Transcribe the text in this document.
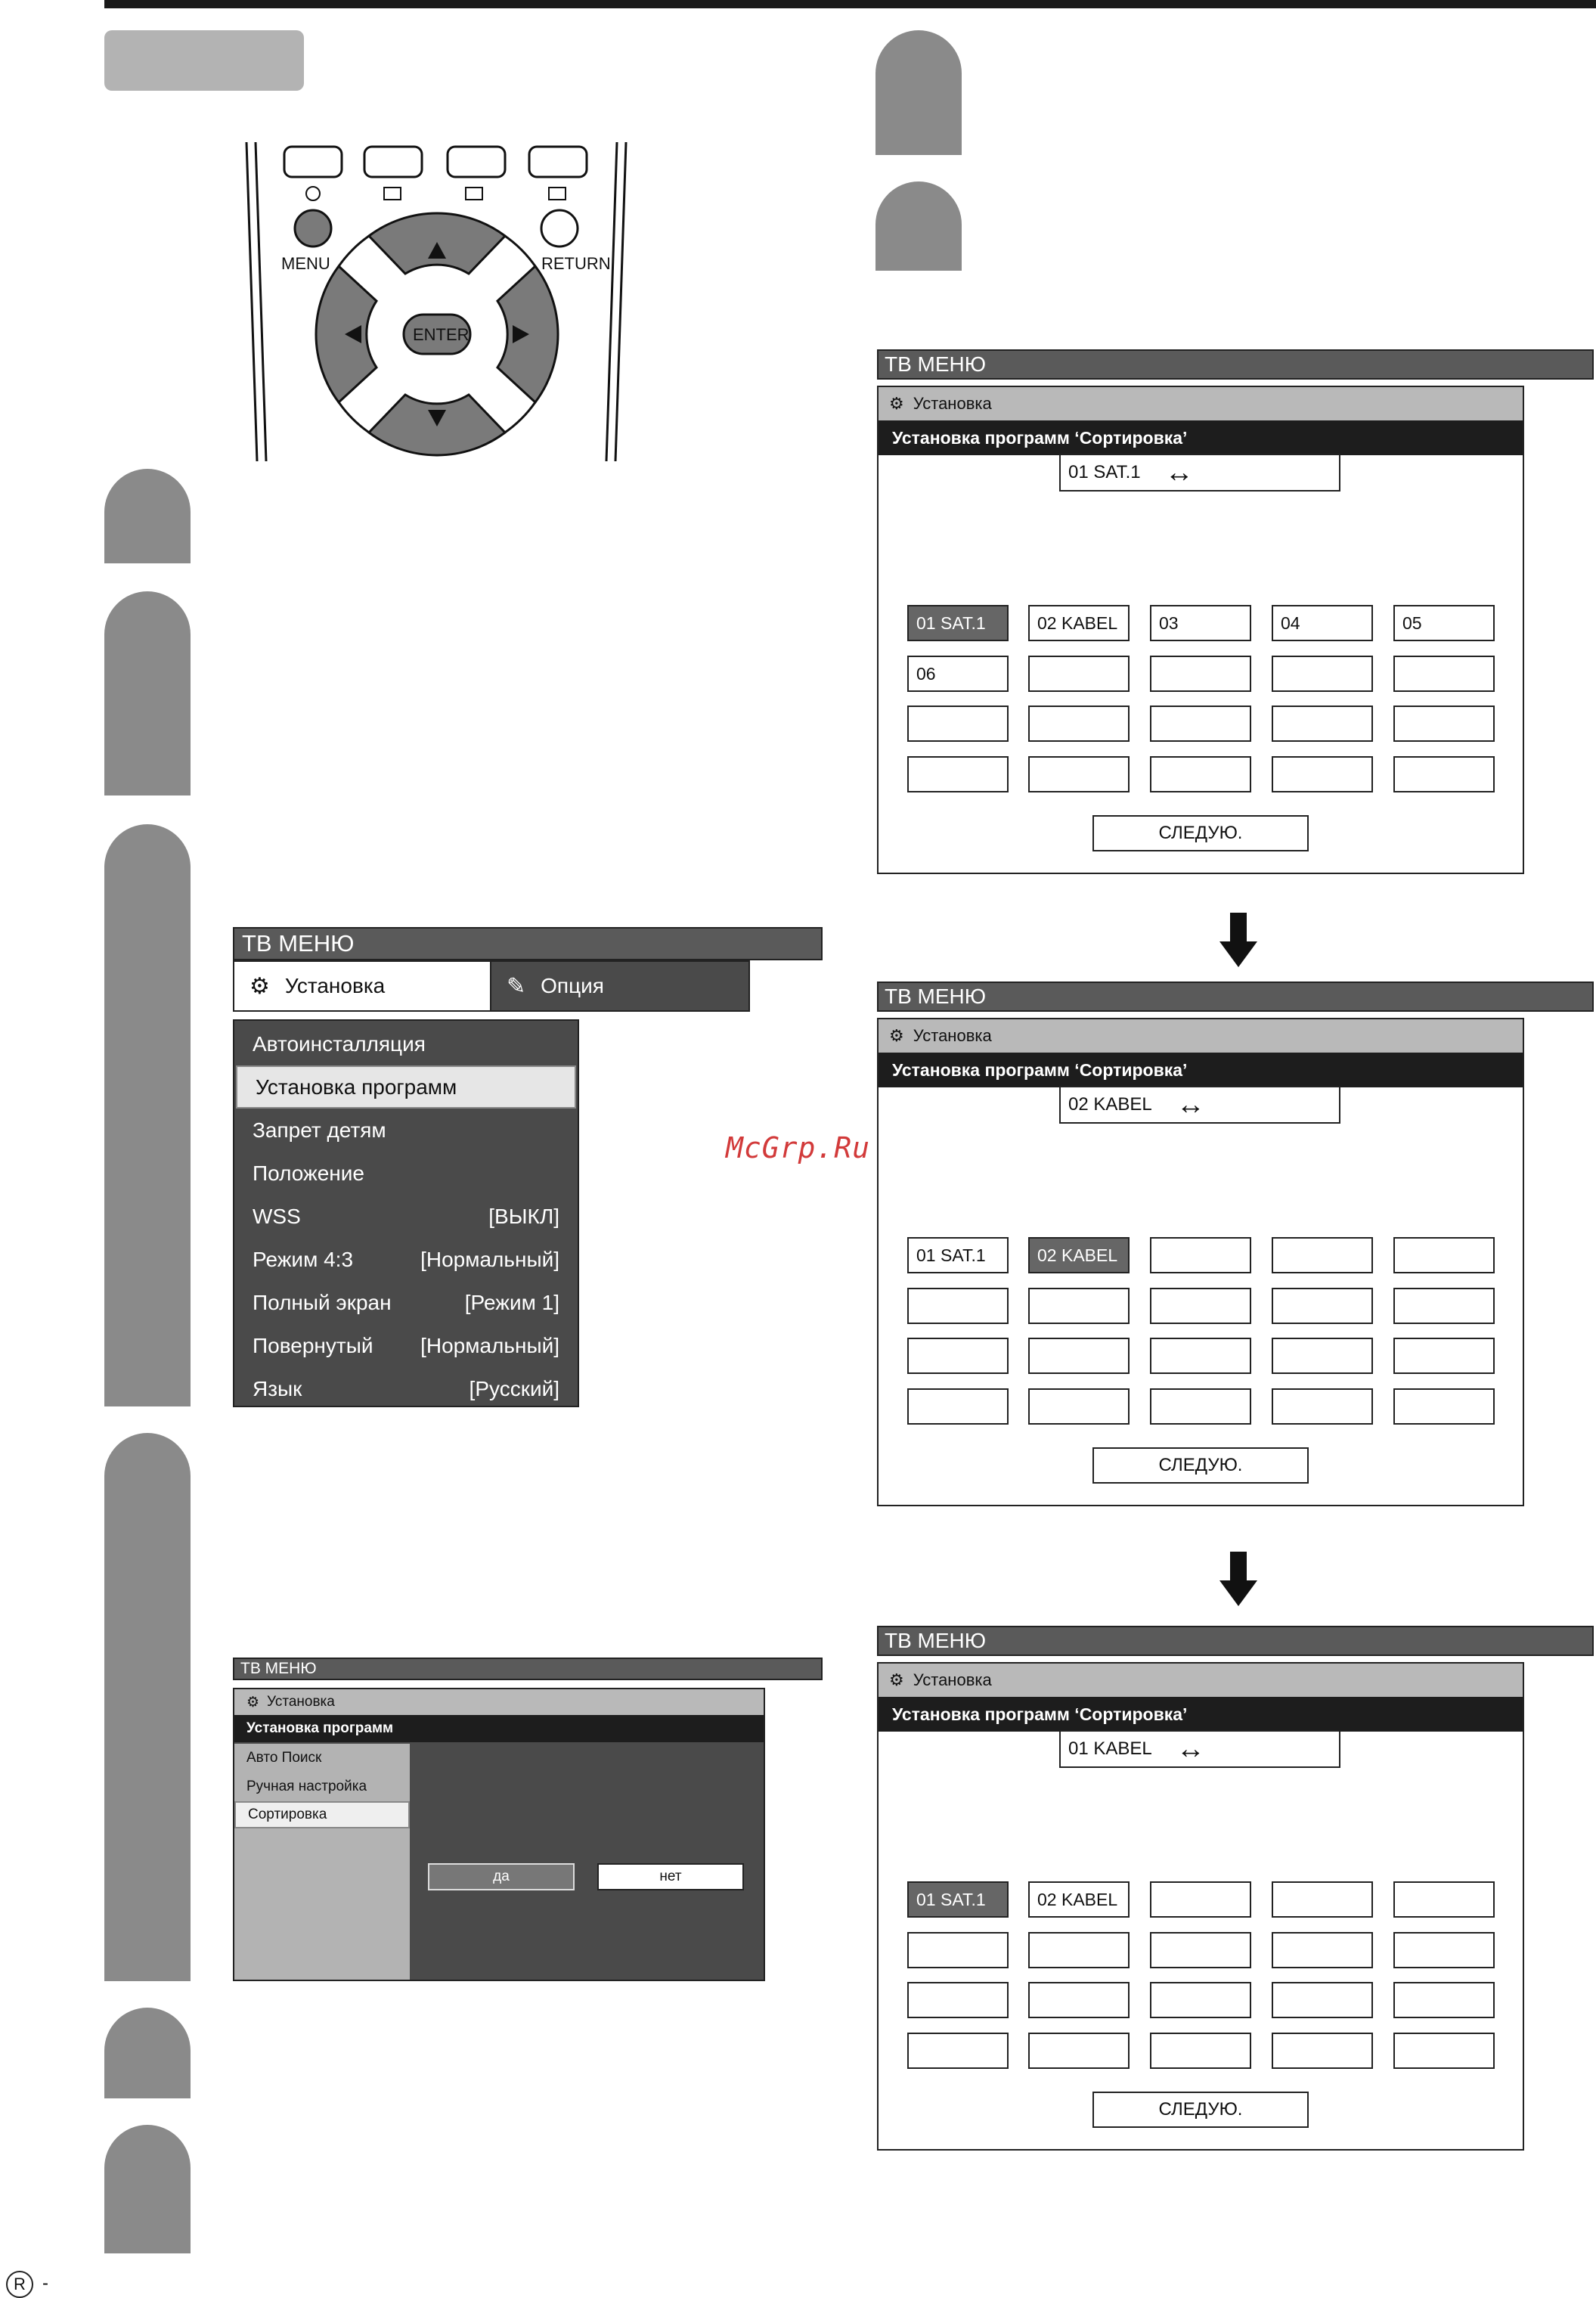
MENU	RETURN
ENTER
ТВ МЕНЮ
⚙ Установка	✎ Опция
Автоинсталляция
Установка программ
Запрет детям
Положение
WSS	[ВЫКЛ]
Режим 4:3	[Нормальный]
Полный экран	[Режим 1]
Повернутый [Нормальный]
Язык	[Русский]
ТВ МЕНЮ
⚙ Установка
Установка программ
Авто Поиск
Ручная настройка
Сортировка
да	нет
McGrp.Ru
ТВ МЕНЮ
⚙ Установка
Установка программ ‘Сортировка’
01 SAT.1 ↔
01 SAT.1	02 KABEL	03	04	05
06
СЛЕДУЮ.
ТВ МЕНЮ
⚙ Установка
Установка программ ‘Сортировка’
02 KABEL ↔
01 SAT.1	02 KABEL
СЛЕДУЮ.
ТВ МЕНЮ
⚙ Установка
Установка программ ‘Сортировка’
01 KABEL ↔
01 SAT.1	02 KABEL
СЛЕДУЮ.
R -
